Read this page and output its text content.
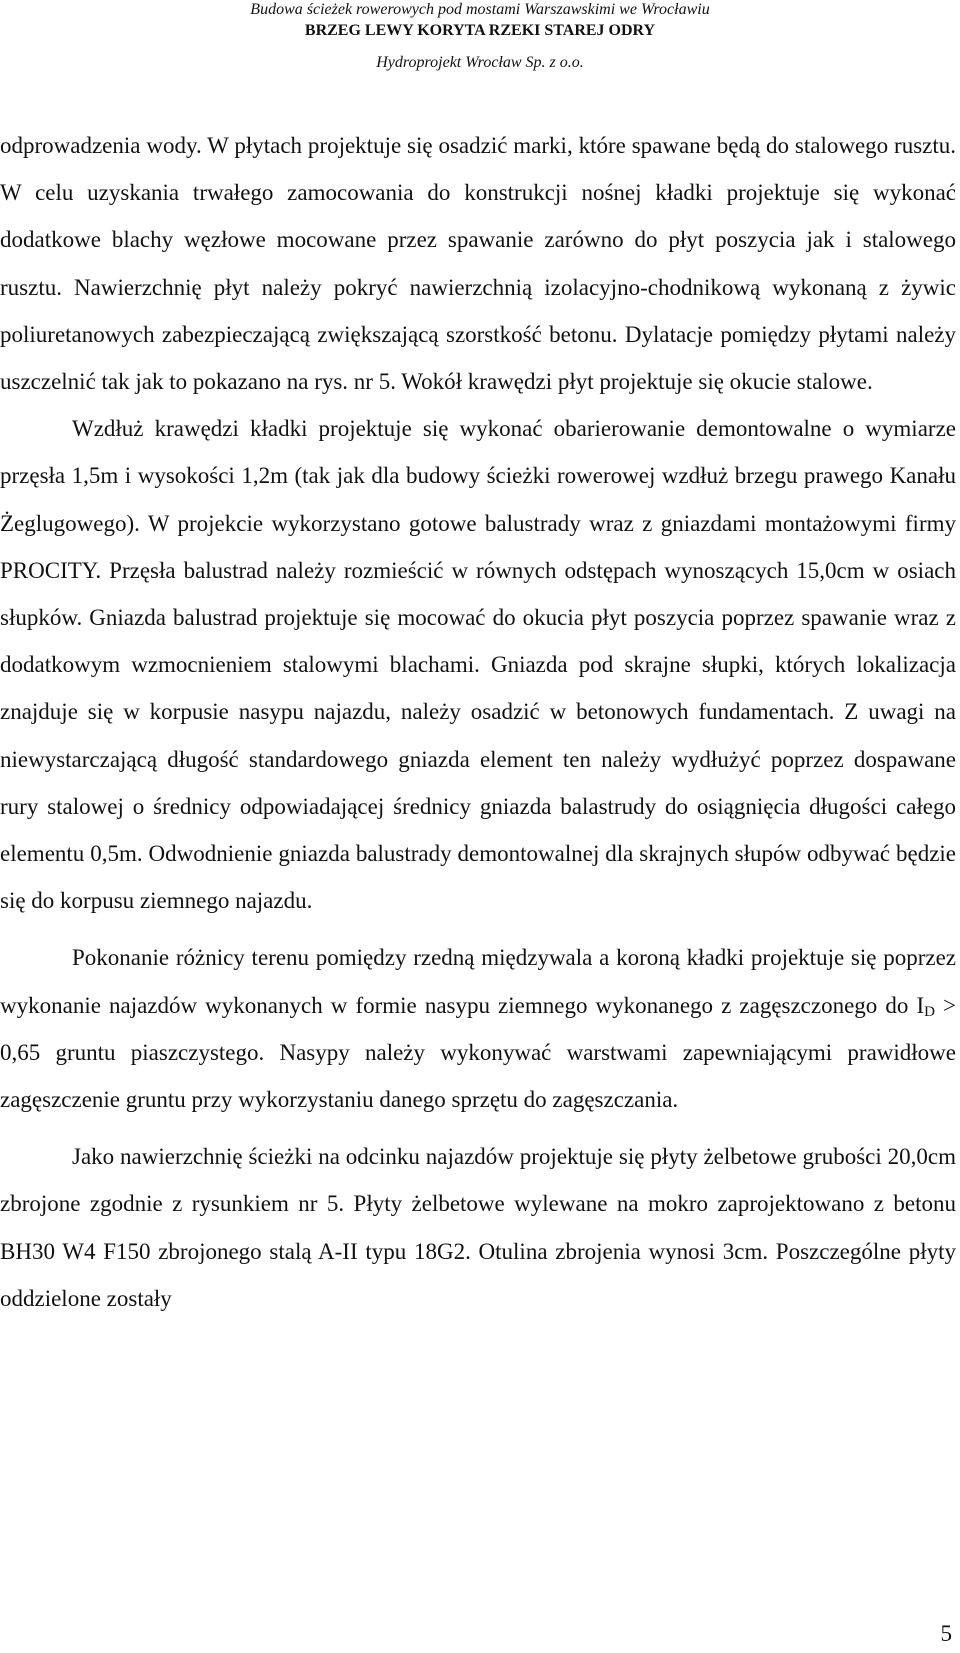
Budowa ścieżek rowerowych pod mostami Warszawskimi we Wrocławiu
BRZEG LEWY KORYTA RZEKI STAREJ ODRY
Hydroprojekt Wrocław Sp. z o.o.

odprowadzenia wody. W płytach projektuje się osadzić marki, które spawane będą do stalowego rusztu. W celu uzyskania trwałego zamocowania do konstrukcji nośnej kładki projektuje się wykonać dodatkowe blachy węzłowe mocowane przez spawanie zarówno do płyt poszycia jak i stalowego rusztu. Nawierzchnię płyt należy pokryć nawierzchnią izolacyjno-chodnikową wykonaną z żywic poliuretanowych zabezpieczającą zwiększającą szorstkość betonu. Dylatacje pomiędzy płytami należy uszczelnić tak jak to pokazano na rys. nr 5. Wokół krawędzi płyt projektuje się okucie stalowe.

Wzdłuż krawędzi kładki projektuje się wykonać obarierowanie demontowalne o wymiarze przęsła 1,5m i wysokości 1,2m (tak jak dla budowy ścieżki rowerowej wzdłuż brzegu prawego Kanału Żeglugowego). W projekcie wykorzystano gotowe balustrady wraz z gniazdami montażowymi firmy PROCITY. Przęsła balustrad należy rozmieścić w równych odstępach wynoszących 15,0cm w osiach słupków. Gniazda balustrad projektuje się mocować do okucia płyt poszycia poprzez spawanie wraz z dodatkowym wzmocnieniem stalowymi blachami. Gniazda pod skrajne słupki, których lokalizacja znajduje się w korpusie nasypu najazdu, należy osadzić w betonowych fundamentach. Z uwagi na niewystarczającą długość standardowego gniazda element ten należy wydłużyć poprzez dospawane rury stalowej o średnicy odpowiadającej średnicy gniazda balastrudy do osiągnięcia długości całego elementu 0,5m. Odwodnienie gniazda balustrady demontowalnej dla skrajnych słupów odbywać będzie się do korpusu ziemnego najazdu.

Pokonanie różnicy terenu pomiędzy rzedną międzywala a koroną kładki projektuje się poprzez wykonanie najazdów wykonanych w formie nasypu ziemnego wykonanego z zagęszczonego do $I_D > 0,65$ gruntu piaszczystego. Nasypy należy wykonywać warstwami zapewniającymi prawidłowe zagęszczenie gruntu przy wykorzystaniu danego sprzętu do zagęszczania.

Jako nawierzchnię ścieżki na odcinku najazdów projektuje się płyty żelbetowe grubości 20,0cm zbrojone zgodnie z rysunkiem nr 5. Płyty żelbetowe wylewane na mokro zaprojektowano z betonu BH30 W4 F150 zbrojonego stalą A-II typu 18G2. Otulina zbrojenia wynosi 3cm. Poszczególne płyty oddzielone zostały

5
